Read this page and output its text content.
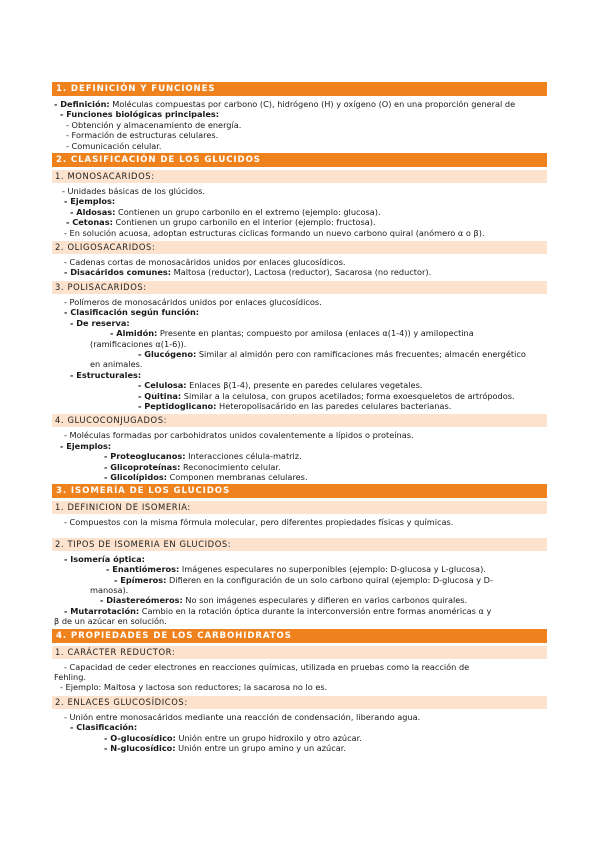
1. DEFINICIÓN Y FUNCIONES
- Definición: Moléculas compuestas por carbono (C), hidrógeno (H) y oxígeno (O) en una proporción general de
- Funciones biológicas principales:
- Obtención y almacenamiento de energía.
- Formación de estructuras celulares.
- Comunicación celular.
2. CLASIFICACIÓN DE LOS GLUCIDOS
1. MONOSACARIDOS:
- Unidades básicas de los glúcidos.
- Ejemplos:
- Aldosas: Contienen un grupo carbonilo en el extremo (ejemplo: glucosa).
- Cetonas: Contienen un grupo carbonilo en el interior (ejemplo: fructosa).
- En solución acuosa, adoptan estructuras cíclicas formando un nuevo carbono quiral (anómero α o β).
2. OLIGOSACARIDOS:
- Cadenas cortas de monosacáridos unidos por enlaces glucosídicos.
- Disacáridos comunes: Maltosa (reductor), Lactosa (reductor), Sacarosa (no reductor).
3. POLISACARIDOS:
- Polímeros de monosacáridos unidos por enlaces glucosídicos.
- Clasificación según función:
- De reserva:
- Almidón: Presente en plantas; compuesto por amilosa (enlaces α(1-4)) y amilopectina
(ramificaciones α(1-6)).
- Glucógeno: Similar al almidón pero con ramificaciones más frecuentes; almacén energético
en animales.
- Estructurales:
- Celulosa: Enlaces β(1-4), presente en paredes celulares vegetales.
- Quitina: Similar a la celulosa, con grupos acetilados; forma exoesqueletos de artrópodos.
- Peptidoglicano: Heteropolisacárido en las paredes celulares bacterianas.
4. GLUCOCONJUGADOS:
- Moléculas formadas por carbohidratos unidos covalentemente a lípidos o proteínas.
- Ejemplos:
- Proteoglucanos: Interacciones célula-matriz.
- Glicoproteínas: Reconocimiento celular.
- Glicolípidos: Componen membranas celulares.
3. ISOMERÍA DE LOS GLUCIDOS
1. DEFINICION DE ISOMERIA:
- Compuestos con la misma fórmula molecular, pero diferentes propiedades físicas y químicas.
2. TIPOS DE ISOMERIA EN GLUCIDOS:
- Isomería óptica:
- Enantiómeros: Imágenes especulares no superponibles (ejemplo: D-glucosa y L-glucosa).
- Epímeros: Difieren en la configuración de un solo carbono quiral (ejemplo: D-glucosa y D-
manosa).
- Diastereómeros: No son imágenes especulares y difieren en varios carbonos quirales.
- Mutarrotación: Cambio en la rotación óptica durante la interconversión entre formas anoméricas α y
β de un azúcar en solución.
4. PROPIEDADES DE LOS CARBOHIDRATOS
1. CARÁCTER REDUCTOR:
- Capacidad de ceder electrones en reacciones químicas, utilizada en pruebas como la reacción de
Fehling.
- Ejemplo: Maltosa y lactosa son reductores; la sacarosa no lo es.
2. ENLACES GLUCOSÍDICOS:
- Unión entre monosacáridos mediante una reacción de condensación, liberando agua.
- Clasificación:
- O-glucosídico: Unión entre un grupo hidroxilo y otro azúcar.
- N-glucosídico: Unión entre un grupo amino y un azúcar.
